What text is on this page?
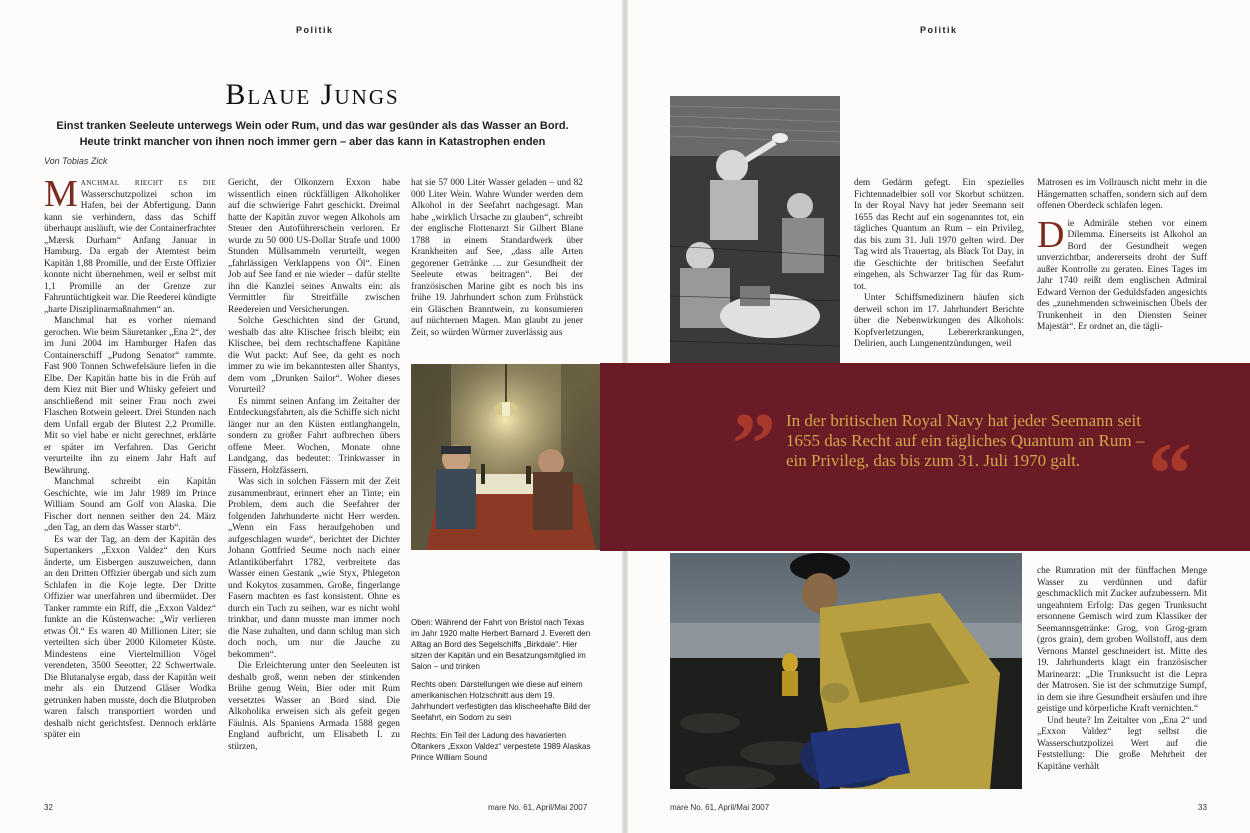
Politik
Blaue Jungs
Einst tranken Seeleute unterwegs Wein oder Rum, und das war gesünder als das Wasser an Bord.
Heute trinkt mancher von ihnen noch immer gern – aber das kann in Katastrophen enden
Von Tobias Zick

Manchmal riecht es die Wasserschutzpolizei schon im Hafen, bei der Abfertigung. Dann kann sie verhindern, dass das Schiff überhaupt ausläuft, wie der Containerfrachter „Mærsk Durham“ Anfang Januar in Hamburg. Da ergab der Atemtest beim Kapitän 1,88 Promille, und der Erste Offizier konnte nicht übernehmen, weil er selbst mit 1,1 Promille an der Grenze zur Fahruntüchtigkeit war. Die Reederei kündigte „harte Disziplinarmaßnahmen“ an.

Manchmal hat es vorher niemand gerochen. Wie beim Säuretanker „Ena 2“, der im Juni 2004 im Hamburger Hafen das Containerschiff „Pudong Senator“ rammte. Fast 900 Tonnen Schwefelsäure liefen in die Elbe. Der Kapitän hatte bis in die Früh auf dem Kiez mit Bier und Whisky gefeiert und anschließend mit seiner Frau noch zwei Flaschen Rotwein geleert. Drei Stunden nach dem Unfall ergab der Blutest 2,2 Promille. Mit so viel habe er nicht gerechnet, erklärte er später im Verfahren. Das Gericht verurteilte ihn zu einem Jahr Haft auf Bewährung.

Manchmal schreibt ein Kapitän Geschichte, wie im Jahr 1989 im Prince William Sound am Golf von Alaska. Die Fischer dort nennen seither den 24. März „den Tag, an dem das Wasser starb“.

Es war der Tag, an dem der Kapitän des Supertankers „Exxon Valdez“ den Kurs änderte, um Eisbergen auszuweichen, dann an den Dritten Offizier übergab und sich zum Schlafen in die Koje legte. Der Dritte Offizier war unerfahren und übermüdet. Der Tanker rammte ein Riff, die „Exxon Valdez“ funkte an die Küstenwache: „Wir verlieren etwas Öl.“ Es waren 40 Millionen Liter; sie verteilten sich über 2000 Kilometer Küste. Mindestens eine Viertelmillion Vögel verendeten, 3500 Seeotter, 22 Schwertwale. Die Blutanalyse ergab, dass der Kapitän weit mehr als ein Dutzend Gläser Wodka getrunken haben musste, doch die Blutproben waren falsch transportiert worden und deshalb nicht gerichtsfest. Dennoch erklärte später ein

Gericht, der Ölkonzern Exxon habe wissentlich einen rückfälligen Alkoholiker auf die schwierige Fahrt geschickt. Dreimal hatte der Kapitän zuvor wegen Alkohols am Steuer den Autoführerschein verloren. Er wurde zu 50 000 US-Dollar Strafe und 1000 Stunden Müllsammeln verurteilt, wegen „fahrlässigen Verklappens von Öl“. Einen Job auf See fand er nie wieder – dafür stellte ihn die Kanzlei seines Anwalts ein: als Vermittler für Streitfälle zwischen Reedereien und Versicherungen.

Solche Geschichten sind der Grund, weshalb das alte Klischee frisch bleibt; ein Klischee, bei dem rechtschaffene Kapitäne die Wut packt: Auf See, da geht es noch immer zu wie im bekanntesten aller Shantys, dem vom „Drunken Sailor“. Woher dieses Vorurteil?

Es nimmt seinen Anfang im Zeitalter der Entdeckungsfahrten, als die Schiffe sich nicht länger nur an den Küsten entlanghangeln, sondern zu großer Fahrt aufbrechen übers offene Meer. Wochen, Monate ohne Landgang, das bedeutet: Trinkwasser in Fässern, Holzfässern.

Was sich in solchen Fässern mit der Zeit zusammenbraut, erinnert eher an Tinte; ein Problem, dem auch die Seefahrer der folgenden Jahrhunderte nicht Herr werden. „Wenn ein Fass heraufgehoben und aufgeschlagen wurde“, berichtet der Dichter Johann Gottfried Seume noch nach einer Atlantiküberfahrt 1782, verbreitete das Wasser einen Gestank „wie Styx, Phlegeton und Kokytos zusammen. Große, fingerlange Fasern machten es fast konsistent. Ohne es durch ein Tuch zu seihen, war es nicht wohl trinkbar, und dann musste man immer noch die Nase zuhalten, und dann schlug man sich doch noch, um nur die Jauche zu bekommen“.

Die Erleichterung unter den Seeleuten ist deshalb groß, wenn neben der stinkenden Brühe genug Wein, Bier oder mit Rum versetztes Wasser an Bord sind. Die Alkoholika erweisen sich als gefeit gegen Fäulnis. Als Spaniens Armada 1588 gegen England aufbricht, um Elisabeth I. zu stürzen,

hat sie 57 000 Liter Wasser geladen – und 82 000 Liter Wein. Wahre Wunder werden dem Alkohol in der Seefahrt nachgesagt. Man habe „wirklich Ursache zu glauben“, schreibt der englische Flottenarzt Sir Gilbert Blane 1788 in einem Standardwerk über Krankheiten auf See, „dass alle Arten gegorener Getränke … zur Gesundheit der Seeleute etwas beitragen“. Bei der französischen Marine gibt es noch bis ins frühe 19. Jahrhundert schon zum Frühstück ein Gläschen Branntwein, zu konsumieren auf nüchternen Magen. Man glaubt zu jener Zeit, so würden Würmer zuverlässig aus

Oben: Während der Fahrt von Bristol nach Texas im Jahr 1920 malte Herbert Barnard J. Everett den Alltag an Bord des Segelschiffs „Birkdale“. Hier sitzen der Kapitän und ein Besatzungsmitglied im Salon – und trinken

Rechts oben: Darstellungen wie diese auf einem amerikanischen Holzschnitt aus dem 19. Jahrhundert verfestigten das klischeehafte Bild der Seefahrt, ein Sodom zu sein

Rechts: Ein Teil der Ladung des havarierten Öltankers „Exxon Valdez“ verpestete 1989 Alaskas Prince William Sound

32	mare No. 61, April/Mai 2007
Politik

dem Gedärm gefegt. Ein spezielles Fichtennadelbier soll vor Skorbut schützen. In der Royal Navy hat jeder Seemann seit 1655 das Recht auf ein sogenanntes tot, ein tägliches Quantum an Rum – ein Privileg, das bis zum 31. Juli 1970 gelten wird. Der Tag wird als Trauertag, als Black Tot Day, in die Geschichte der britischen Seefahrt eingehen, als Schwarzer Tag für das Rum-tot.

Unter Schiffsmedizinern häufen sich derweil schon im 17. Jahrhundert Berichte über die Nebenwirkungen des Alkohols: Kopfverletzungen, Lebererkrankungen, Delirien, auch Lungenentzündungen, weil

Matrosen es im Vollrausch nicht mehr in die Hängematten schaffen, sondern sich auf dem offenen Oberdeck schlafen legen.

Die Admiräle stehen vor einem Dilemma. Einerseits ist Alkohol an Bord der Gesundheit wegen unverzichtbar, andererseits droht der Suff außer Kontrolle zu geraten. Eines Tages im Jahr 1740 reißt dem englischen Admiral Edward Vernon der Geduldsfaden angesichts des „zunehmenden schweinischen Übels der Trunkenheit in den Diensten Seiner Majestät“. Er ordnet an, die tägli-

che Rumration mit der fünffachen Menge Wasser zu verdünnen und dafür geschmacklich mit Zucker aufzubessern. Mit ungeahntem Erfolg: Das gegen Trunksucht ersonnene Gemisch wird zum Klassiker der Seemannsgetränke: Grog, von Grog-gram (gros grain), dem groben Wollstoff, aus dem Vernons Mantel geschneidert ist. Mitte des 19. Jahrhunderts klagt ein französischer Marinearzt: „Die Trunksucht ist die Lepra der Matrosen. Sie ist der schmutzige Sumpf, in dem sie ihre Gesundheit ersäufen und ihre geistige und körperliche Kraft vernichten.“

Und heute? Im Zeitalter von „Ena 2“ und „Exxon Valdez“ legt selbst die Wasserschutzpolizei Wert auf die Feststellung: Die große Mehrheit der Kapitäne verhält

mare No. 61, April/Mai 2007	33
” In der britischen Royal Navy hat jeder Seemann seit 1655 das Recht auf ein tägliches Quantum an Rum – ein Privileg, das bis zum 31. Juli 1970 galt. “
